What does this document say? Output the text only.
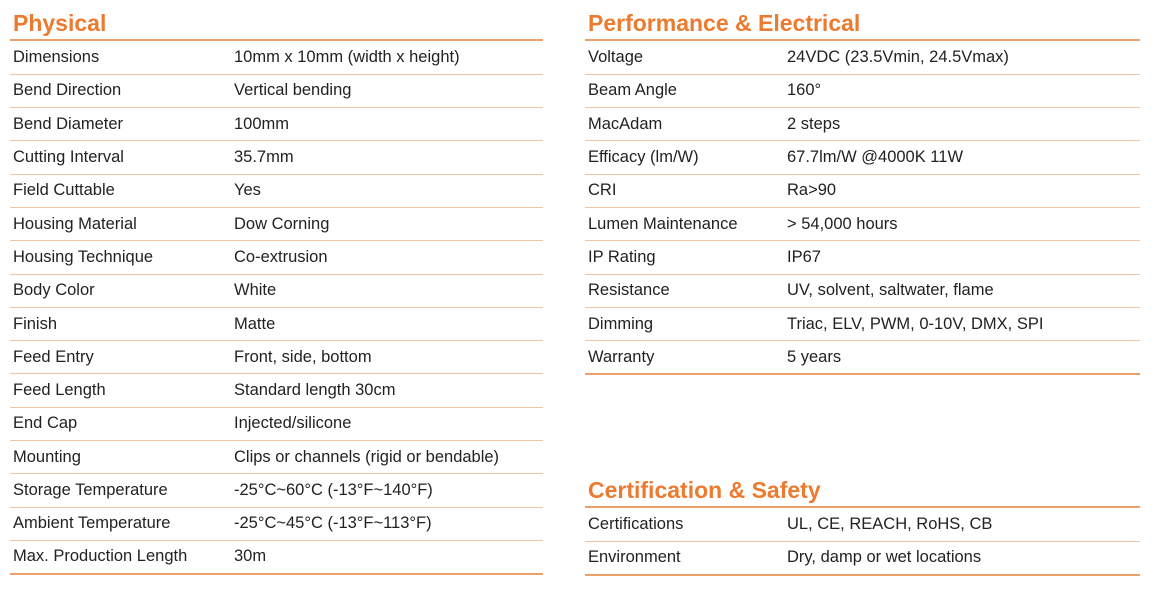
Physical
Dimensions	10mm x 10mm (width x height)
Bend Direction	Vertical bending
Bend Diameter	100mm
Cutting Interval	35.7mm
Field Cuttable	Yes
Housing Material	Dow Corning
Housing Technique	Co-extrusion
Body Color	White
Finish	Matte
Feed Entry	Front, side, bottom
Feed Length	Standard length 30cm
End Cap	Injected/silicone
Mounting	Clips or channels (rigid or bendable)
Storage Temperature	-25°C~60°C (-13°F~140°F)
Ambient Temperature	-25°C~45°C (-13°F~113°F)
Max. Production Length	30m
Performance & Electrical
Voltage	24VDC (23.5Vmin, 24.5Vmax)
Beam Angle	160°
MacAdam	2 steps
Efficacy (lm/W)	67.7lm/W @4000K 11W
CRI	Ra>90
Lumen Maintenance	> 54,000 hours
IP Rating	IP67
Resistance	UV, solvent, saltwater, flame
Dimming	Triac, ELV, PWM, 0-10V, DMX, SPI
Warranty	5 years
Certification & Safety
Certifications	UL, CE, REACH, RoHS, CB
Environment	Dry, damp or wet locations
